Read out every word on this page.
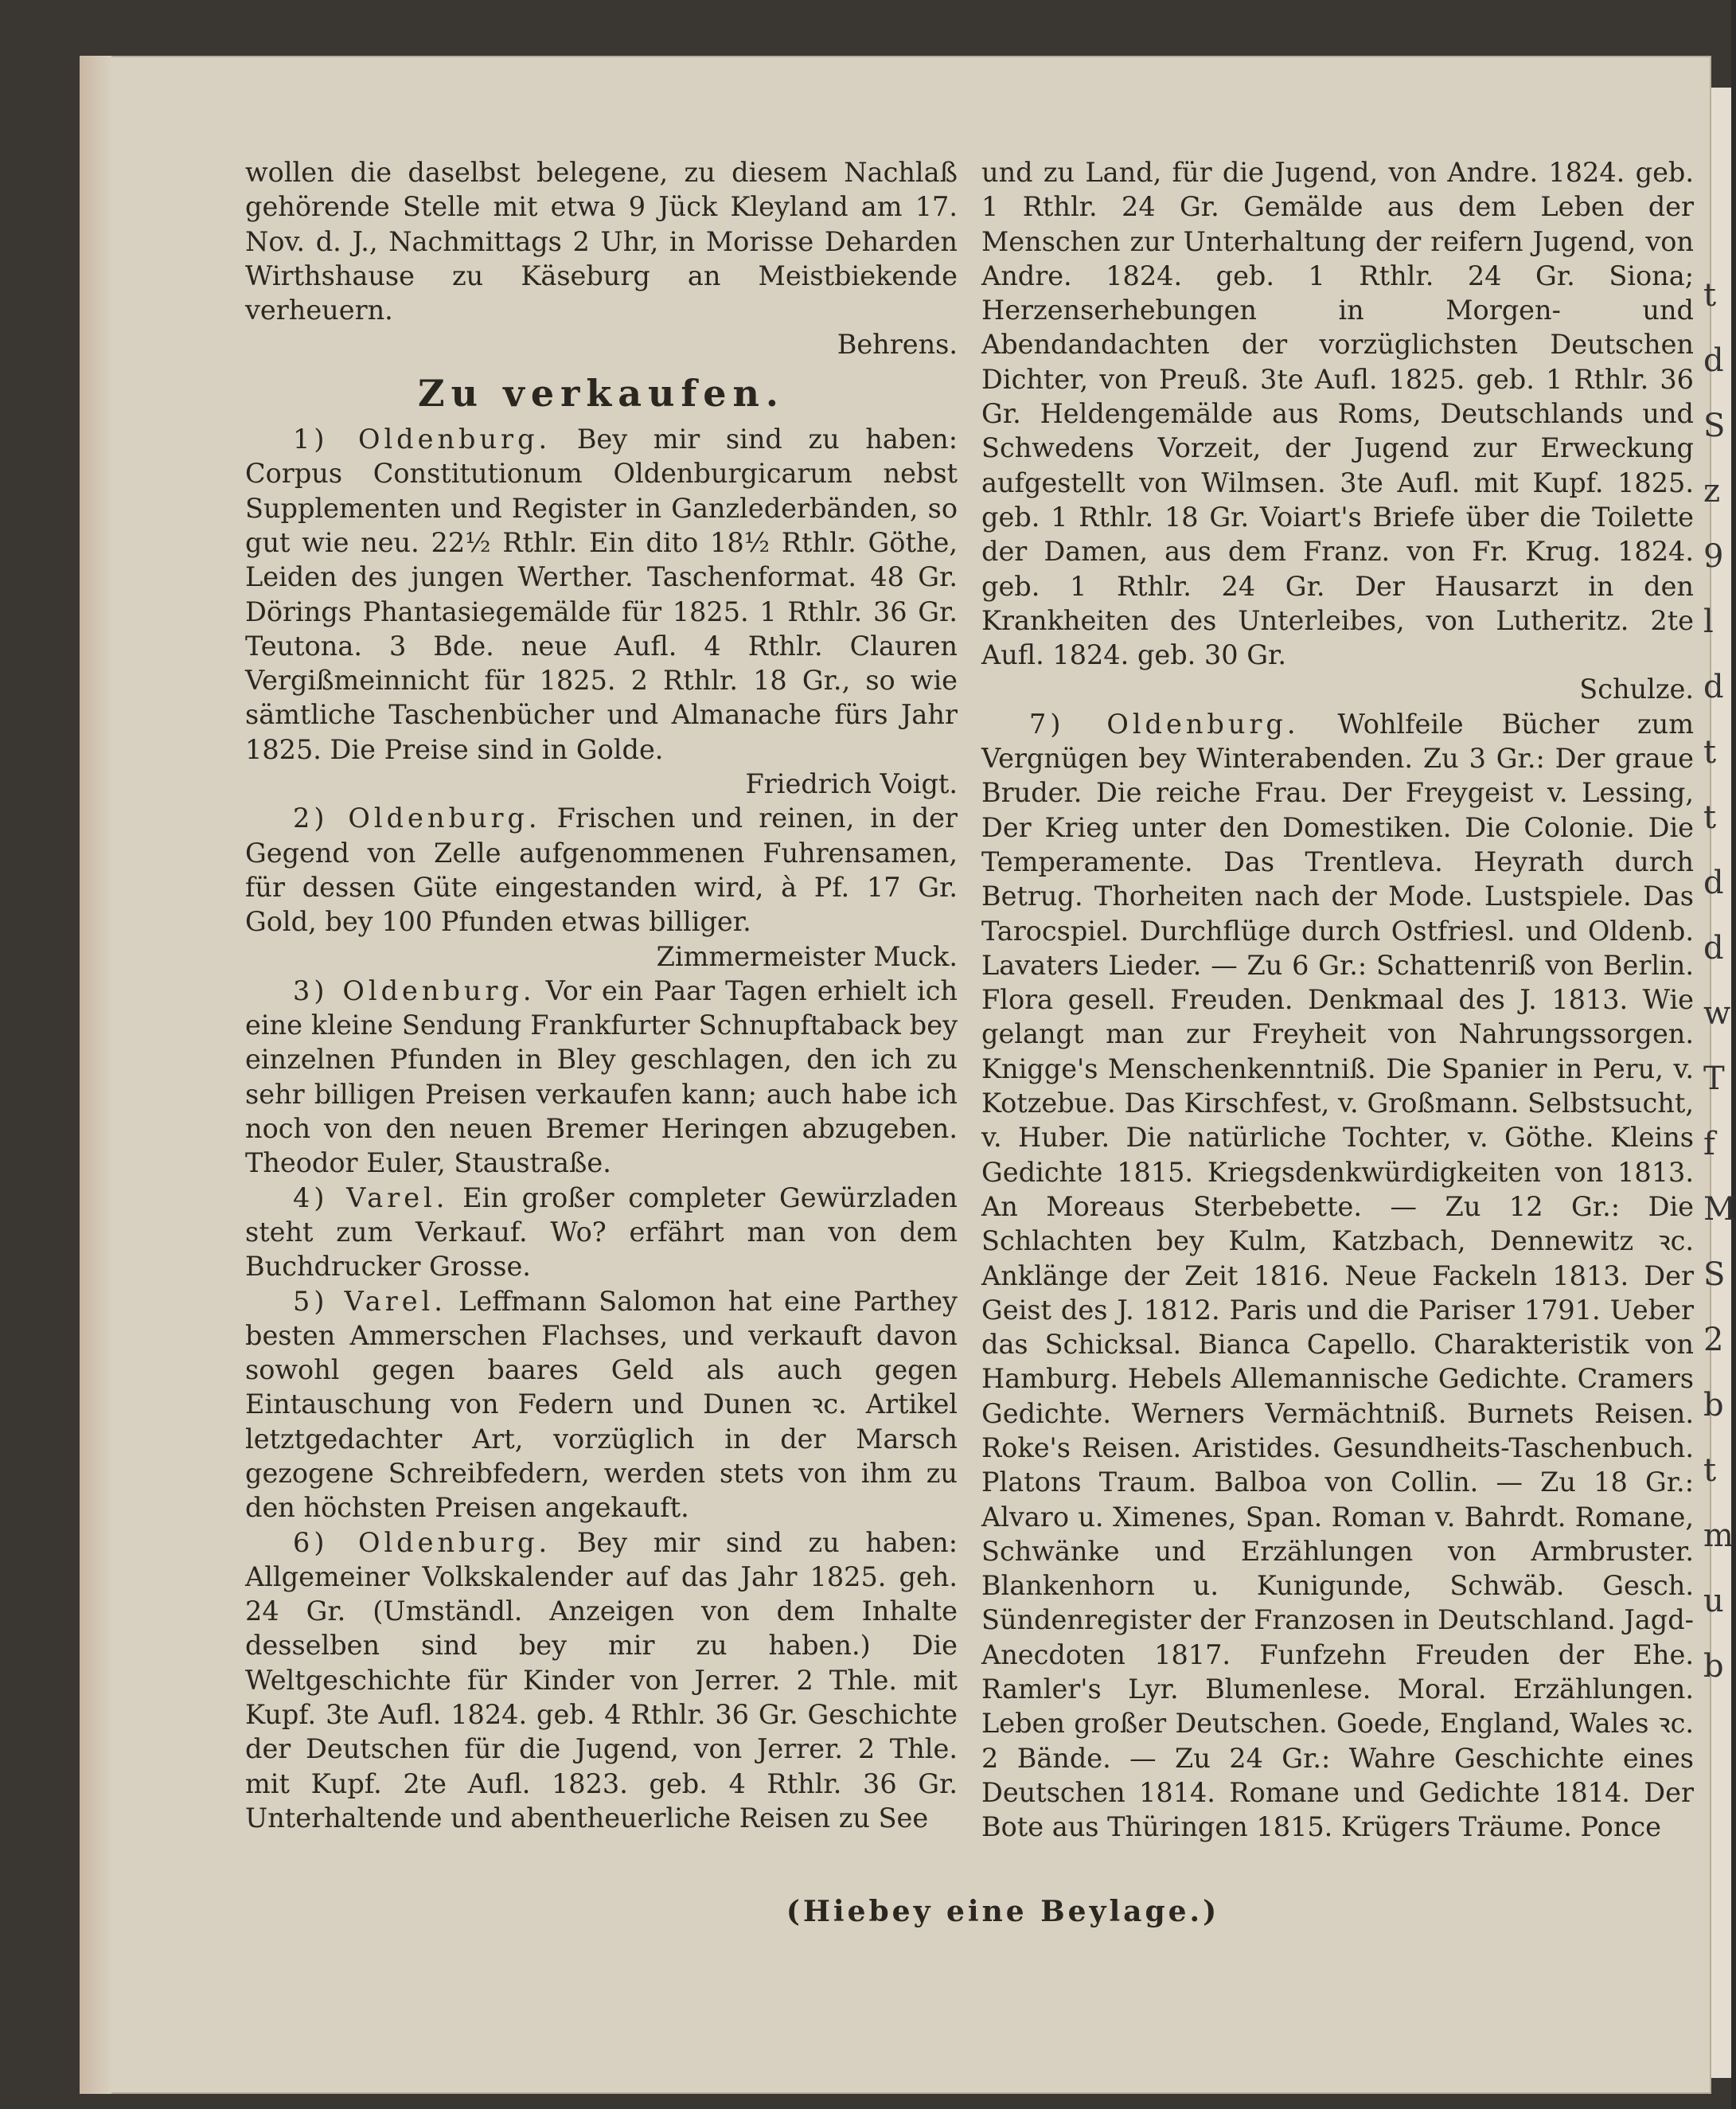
wollen die daselbst belegene, zu diesem Nachlaß gehörende Stelle mit etwa 9 Jück Kleyland am 17. Nov. d. J., Nachmittags 2 Uhr, in Morisse Deharden Wirthshause zu Käseburg an Meistbiekende verheuern.

Behrens.

Zu verkaufen.

1) Oldenburg. Bey mir sind zu haben: Corpus Constitutionum Oldenburgicarum nebst Supplementen und Register in Ganzlederbänden, so gut wie neu. 22½ Rthlr. Ein dito 18½ Rthlr. Göthe, Leiden des jungen Werther. Taschenformat. 48 Gr. Dörings Phantasiegemälde für 1825. 1 Rthlr. 36 Gr. Teutona. 3 Bde. neue Aufl. 4 Rthlr. Clauren Vergißmeinnicht für 1825. 2 Rthlr. 18 Gr., so wie sämtliche Taschenbücher und Almanache fürs Jahr 1825. Die Preise sind in Golde.

Friedrich Voigt.

2) Oldenburg. Frischen und reinen, in der Gegend von Zelle aufgenommenen Fuhrensamen, für dessen Güte eingestanden wird, à Pf. 17 Gr. Gold, bey 100 Pfunden etwas billiger.

Zimmermeister Muck.

3) Oldenburg. Vor ein Paar Tagen erhielt ich eine kleine Sendung Frankfurter Schnupftaback bey einzelnen Pfunden in Bley geschlagen, den ich zu sehr billigen Preisen verkaufen kann; auch habe ich noch von den neuen Bremer Heringen abzugeben. Theodor Euler, Staustraße.

4) Varel. Ein großer completer Gewürzladen steht zum Verkauf. Wo? erfährt man von dem Buchdrucker Grosse.

5) Varel. Leffmann Salomon hat eine Parthey besten Ammerschen Flachses, und verkauft davon sowohl gegen baares Geld als auch gegen Eintauschung von Federn und Dunen ꝛc. Artikel letztgedachter Art, vorzüglich in der Marsch gezogene Schreibfedern, werden stets von ihm zu den höchsten Preisen angekauft.

6) Oldenburg. Bey mir sind zu haben: Allgemeiner Volkskalender auf das Jahr 1825. geh. 24 Gr. (Umständl. Anzeigen von dem Inhalte desselben sind bey mir zu haben.) Die Weltgeschichte für Kinder von Jerrer. 2 Thle. mit Kupf. 3te Aufl. 1824. geb. 4 Rthlr. 36 Gr. Geschichte der Deutschen für die Jugend, von Jerrer. 2 Thle. mit Kupf. 2te Aufl. 1823. geb. 4 Rthlr. 36 Gr. Unterhaltende und abentheuerliche Reisen zu See

und zu Land, für die Jugend, von Andre. 1824. geb. 1 Rthlr. 24 Gr. Gemälde aus dem Leben der Menschen zur Unterhaltung der reifern Jugend, von Andre. 1824. geb. 1 Rthlr. 24 Gr. Siona; Herzenserhebungen in Morgen- und Abendandachten der vorzüglichsten Deutschen Dichter, von Preuß. 3te Aufl. 1825. geb. 1 Rthlr. 36 Gr. Heldengemälde aus Roms, Deutschlands und Schwedens Vorzeit, der Jugend zur Erweckung aufgestellt von Wilmsen. 3te Aufl. mit Kupf. 1825. geb. 1 Rthlr. 18 Gr. Voiart's Briefe über die Toilette der Damen, aus dem Franz. von Fr. Krug. 1824. geb. 1 Rthlr. 24 Gr. Der Hausarzt in den Krankheiten des Unterleibes, von Lutheritz. 2te Aufl. 1824. geb. 30 Gr.

Schulze.

7) Oldenburg. Wohlfeile Bücher zum Vergnügen bey Winterabenden. Zu 3 Gr.: Der graue Bruder. Die reiche Frau. Der Freygeist v. Lessing, Der Krieg unter den Domestiken. Die Colonie. Die Temperamente. Das Trentleva. Heyrath durch Betrug. Thorheiten nach der Mode. Lustspiele. Das Tarocspiel. Durchflüge durch Ostfriesl. und Oldenb. Lavaters Lieder. — Zu 6 Gr.: Schattenriß von Berlin. Flora gesell. Freuden. Denkmaal des J. 1813. Wie gelangt man zur Freyheit von Nahrungssorgen. Knigge's Menschenkenntniß. Die Spanier in Peru, v. Kotzebue. Das Kirschfest, v. Großmann. Selbstsucht, v. Huber. Die natürliche Tochter, v. Göthe. Kleins Gedichte 1815. Kriegsdenkwürdigkeiten von 1813. An Moreaus Sterbebette. — Zu 12 Gr.: Die Schlachten bey Kulm, Katzbach, Dennewitz ꝛc. Anklänge der Zeit 1816. Neue Fackeln 1813. Der Geist des J. 1812. Paris und die Pariser 1791. Ueber das Schicksal. Bianca Capello. Charakteristik von Hamburg. Hebels Allemannische Gedichte. Cramers Gedichte. Werners Vermächtniß. Burnets Reisen. Roke's Reisen. Aristides. Gesundheits-Taschenbuch. Platons Traum. Balboa von Collin. — Zu 18 Gr.: Alvaro u. Ximenes, Span. Roman v. Bahrdt. Romane, Schwänke und Erzählungen von Armbruster. Blankenhorn u. Kunigunde, Schwäb. Gesch. Sündenregister der Franzosen in Deutschland. Jagd-Anecdoten 1817. Funfzehn Freuden der Ehe. Ramler's Lyr. Blumenlese. Moral. Erzählungen. Leben großer Deutschen. Goede, England, Wales ꝛc. 2 Bände. — Zu 24 Gr.: Wahre Geschichte eines Deutschen 1814. Romane und Gedichte 1814. Der Bote aus Thüringen 1815. Krügers Träume. Ponce

(Hiebey eine Beylage.)
t
d
S
z
9
l
d
t
t
d
d
w
T
f
M
S
2
b
t
m
u
b
